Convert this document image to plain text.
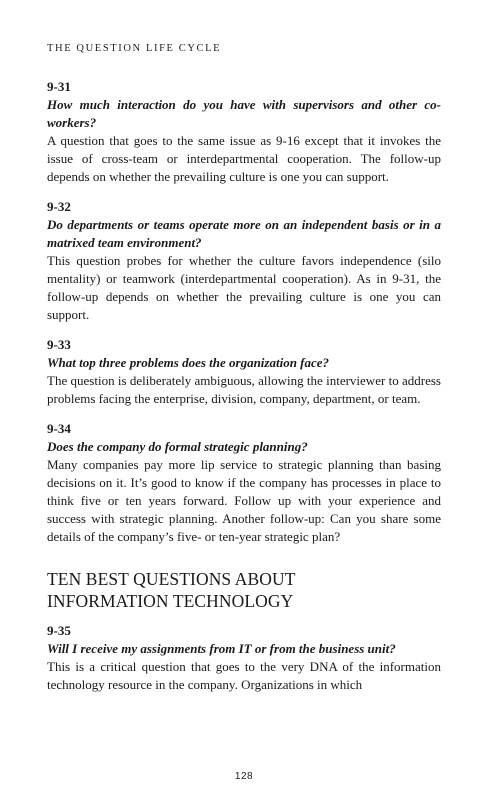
THE QUESTION LIFE CYCLE
9-31
How much interaction do you have with supervisors and other co-workers?
A question that goes to the same issue as 9-16 except that it invokes the issue of cross-team or interdepartmental cooperation. The follow-up depends on whether the prevailing culture is one you can support.
9-32
Do departments or teams operate more on an independent basis or in a matrixed team environment?
This question probes for whether the culture favors independence (silo mentality) or teamwork (interdepartmental cooperation). As in 9-31, the follow-up depends on whether the prevailing culture is one you can support.
9-33
What top three problems does the organization face?
The question is deliberately ambiguous, allowing the interviewer to address problems facing the enterprise, division, company, department, or team.
9-34
Does the company do formal strategic planning?
Many companies pay more lip service to strategic planning than basing decisions on it. It’s good to know if the company has processes in place to think five or ten years forward. Follow up with your experience and success with strategic planning. Another follow-up: Can you share some details of the company’s five- or ten-year strategic plan?
TEN BEST QUESTIONS ABOUT
INFORMATION TECHNOLOGY
9-35
Will I receive my assignments from IT or from the business unit?
This is a critical question that goes to the very DNA of the information technology resource in the company. Organizations in which
128
